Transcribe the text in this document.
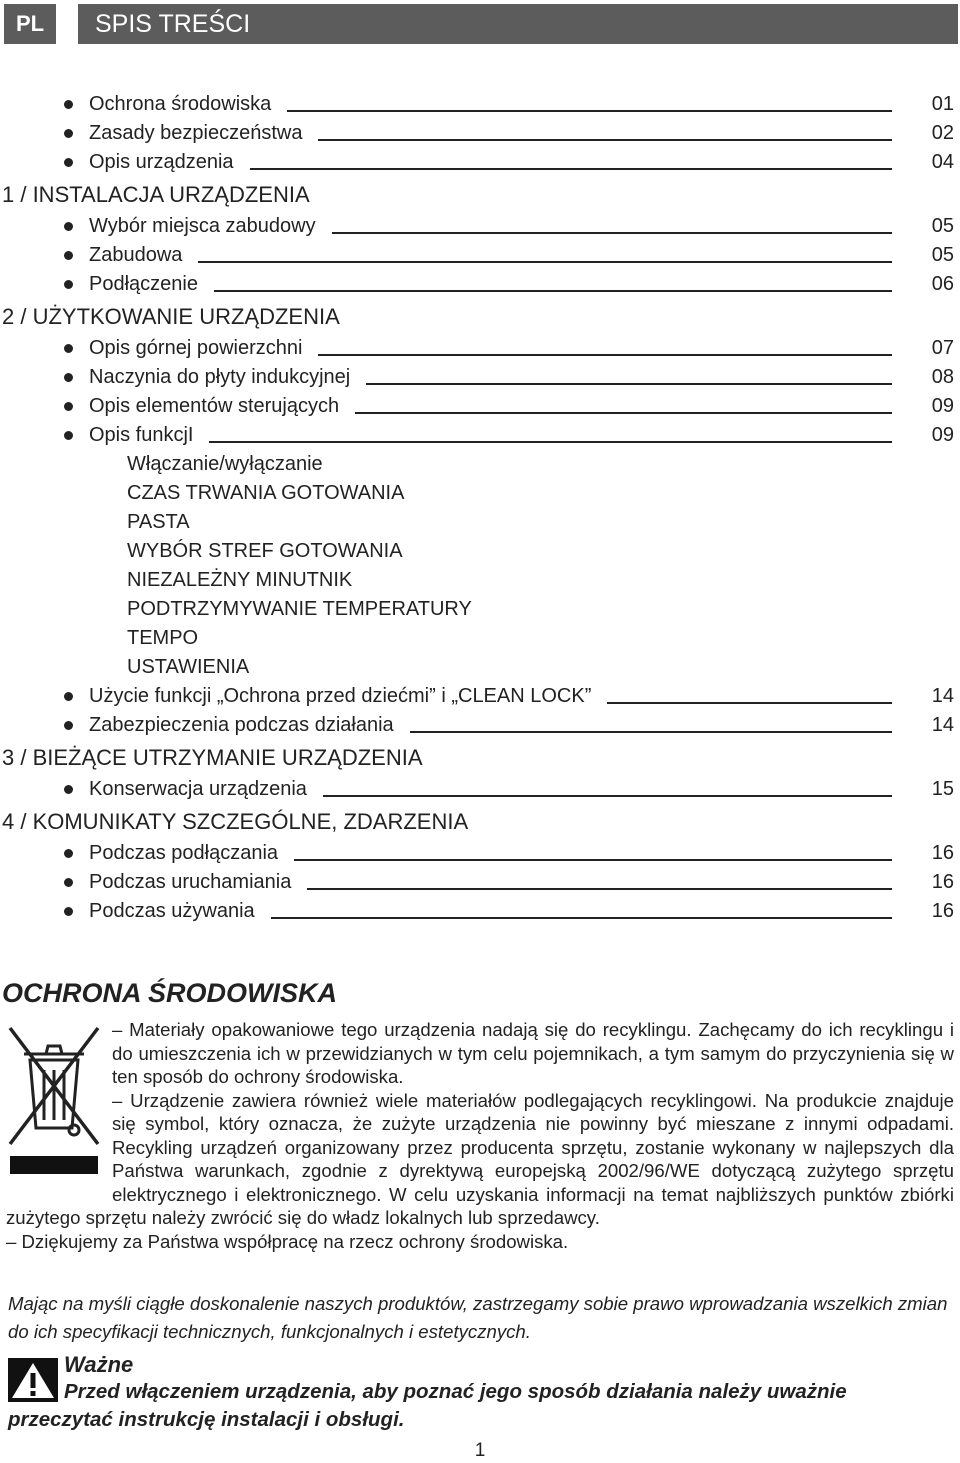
PL	SPIS TREŚCI
Ochrona środowiska	01
Zasady bezpieczeństwa	02
Opis urządzenia	04
1 / INSTALACJA URZĄDZENIA
Wybór miejsca zabudowy	05
Zabudowa	05
Podłączenie	06
2 / UŻYTKOWANIE URZĄDZENIA
Opis górnej powierzchni	07
Naczynia do płyty indukcyjnej	08
Opis elementów sterujących	09
Opis funkcjI	09
Włączanie/wyłączanie
CZAS TRWANIA GOTOWANIA
PASTA
WYBÓR STREF GOTOWANIA
NIEZALEŻNY MINUTNIK
PODTRZYMYWANIE TEMPERATURY
TEMPO
USTAWIENIA
Użycie funkcji „Ochrona przed dziećmi” i „CLEAN LOCK”	14
Zabezpieczenia podczas działania	14
3 / BIEŻĄCE UTRZYMANIE URZĄDZENIA
Konserwacja urządzenia	15
4 / KOMUNIKATY SZCZEGÓLNE, ZDARZENIA
Podczas podłączania	16
Podczas uruchamiania	16
Podczas używania	16
OCHRONA ŚRODOWISKA

– Materiały opakowaniowe tego urządzenia nadają się do recyklingu. Zachęcamy do ich recyklingu i do umieszczenia ich w przewidzianych w tym celu pojemnikach, a tym samym do przyczynienia się w ten sposób do ochrony środowiska.

– Urządzenie zawiera również wiele materiałów podlegających recyklingowi. Na produkcie znajduje się symbol, który oznacza, że zużyte urządzenia nie powinny być mieszane z innymi odpadami. Recykling urządzeń organizowany przez producenta sprzętu, zostanie wykonany w najlepszych dla Państwa warunkach, zgodnie z dyrektywą europejską 2002/96/WE dotyczącą zużytego sprzętu elektrycznego i elektronicznego. W celu uzyskania informacji na temat najbliższych punktów zbiórki zużytego sprzętu należy zwrócić się do władz lokalnych lub sprzedawcy.

– Dziękujemy za Państwa współpracę na rzecz ochrony środowiska.

Mając na myśli ciągłe doskonalenie naszych produktów, zastrzegamy sobie prawo wprowadzania wszelkich zmian do ich specyfikacji technicznych, funkcjonalnych i estetycznych.
Ważne
Przed włączeniem urządzenia, aby poznać jego sposób działania należy uważnie przeczytać instrukcję instalacji i obsługi.
1
